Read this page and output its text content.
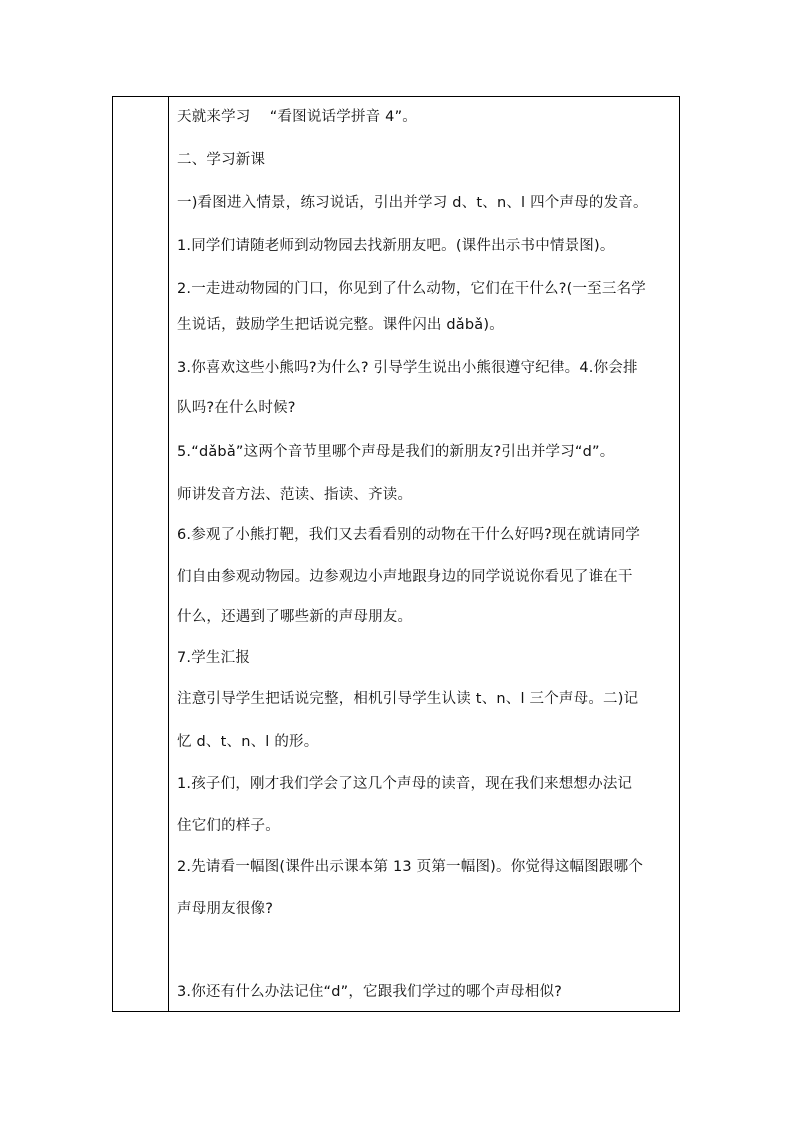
天就来学习    “看图说话学拼音 4”。
二、学习新课
一)看图进入情景，练习说话，引出并学习 d、t、n、l 四个声母的发音。
1.同学们请随老师到动物园去找新朋友吧。(课件出示书中情景图)。
2.一走进动物园的门口，你见到了什么动物，它们在干什么?(一至三名学
生说话，鼓励学生把话说完整。课件闪出 dǎbǎ)。
3.你喜欢这些小熊吗?为什么? 引导学生说出小熊很遵守纪律。4.你会排
队吗?在什么时候?
5.“dǎbǎ”这两个音节里哪个声母是我们的新朋友?引出并学习“d”。
师讲发音方法、范读、指读、齐读。
6.参观了小熊打靶，我们又去看看别的动物在干什么好吗?现在就请同学
们自由参观动物园。边参观边小声地跟身边的同学说说你看见了谁在干
什么，还遇到了哪些新的声母朋友。
7.学生汇报
注意引导学生把话说完整，相机引导学生认读 t、n、l 三个声母。二)记
忆 d、t、n、l 的形。
1.孩子们，刚才我们学会了这几个声母的读音，现在我们来想想办法记
住它们的样子。
2.先请看一幅图(课件出示课本第 13 页第一幅图)。你觉得这幅图跟哪个
声母朋友很像?
3.你还有什么办法记住“d”，它跟我们学过的哪个声母相似?
